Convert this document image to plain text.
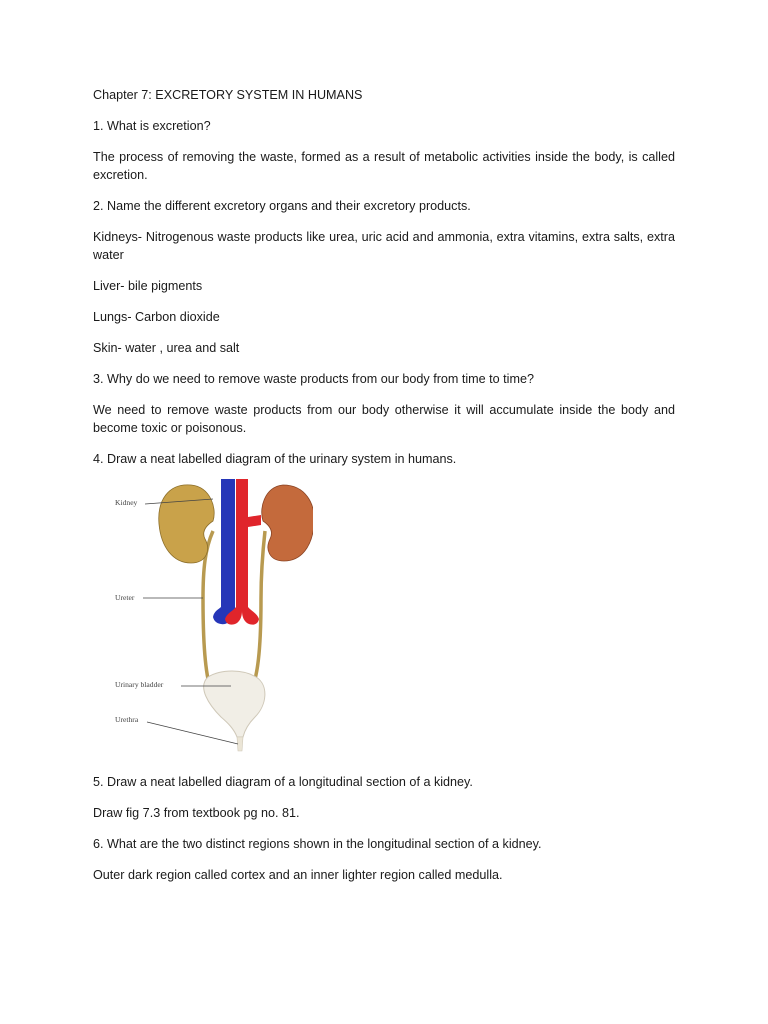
Chapter 7: EXCRETORY SYSTEM IN HUMANS

1. What is excretion?

The process of removing the waste, formed as a result of metabolic activities inside the body, is called excretion.

2. Name the different excretory organs and their excretory products.

Kidneys- Nitrogenous waste products like urea, uric acid and ammonia, extra vitamins, extra salts, extra water

Liver- bile pigments

Lungs- Carbon dioxide

Skin- water , urea and salt

3. Why do we need to remove waste products from our body from time to time?

We need to remove waste products from our body otherwise it will accumulate inside the body and become toxic or poisonous.

4. Draw a neat labelled diagram of the urinary system in humans.

Kidney
Ureter
Urinary bladder
Urethra

5. Draw a neat labelled diagram of a longitudinal section of a kidney.

Draw fig 7.3 from textbook pg no. 81.

6. What are the two distinct regions shown in the longitudinal section of a kidney.

Outer dark region called cortex and an inner lighter region called medulla.
